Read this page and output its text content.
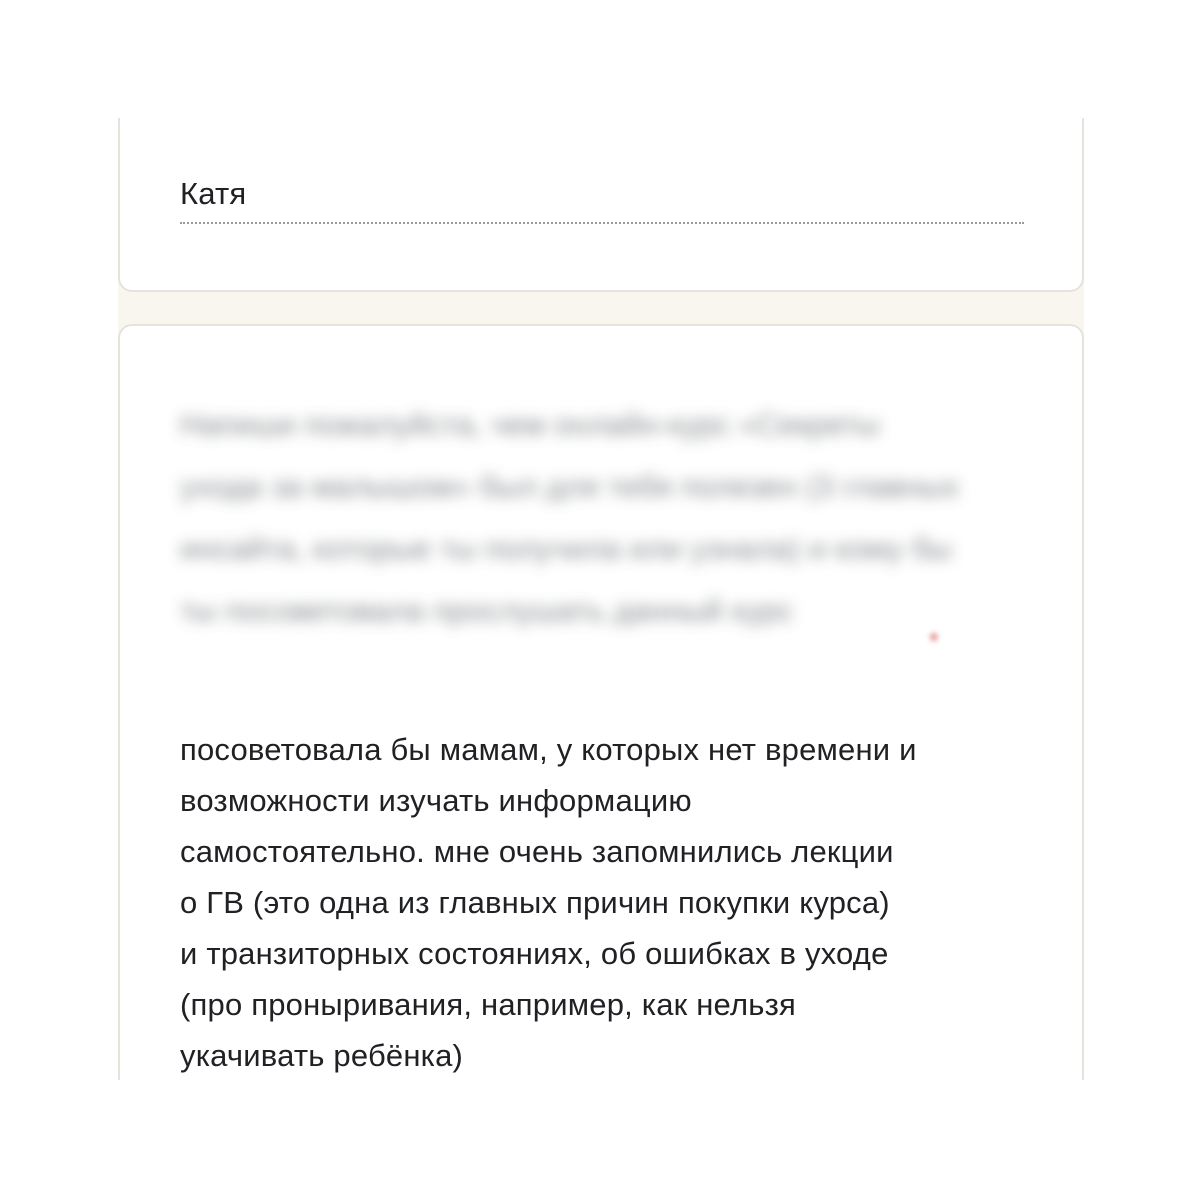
Катя
Напиши пожалуйста, чем онлайн-курс «Секреты ухода за малышом» был для тебя полезен (3 главных инсайта, которые ты получила или узнала) и кому бы ты посоветовала прослушать данный курс
*
посоветовала бы мамам, у которых нет времени и
возможности изучать информацию
самостоятельно. мне очень запомнились лекции
о ГВ (это одна из главных причин покупки курса)
и транзиторных состояниях, об ошибках в уходе
(про проныривания, например, как нельзя
укачивать ребёнка)
